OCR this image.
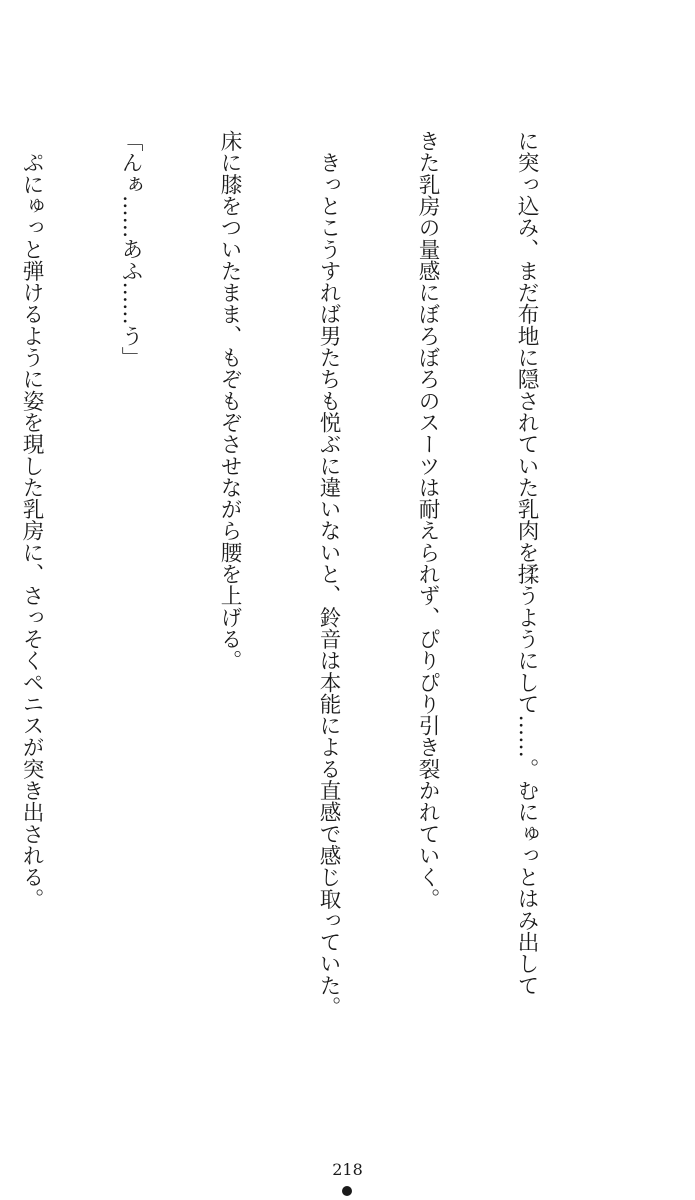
に突っ込み、まだ布地に隠されていた乳肉を揉うようにして……。むにゅっとはみ出して

きた乳房の量感にぼろぼろのスーツは耐えられず、ぴりぴり引き裂かれていく。

　きっとこうすれば男たちも悦ぶに違いないと、鈴音は本能による直感で感じ取っていた。

床に膝をついたまま、もぞもぞさせながら腰を上げる。

「んぁ……あふ……う」

　ぷにゅっと弾けるように姿を現した乳房に、さっそくペニスが突き出される。

218
